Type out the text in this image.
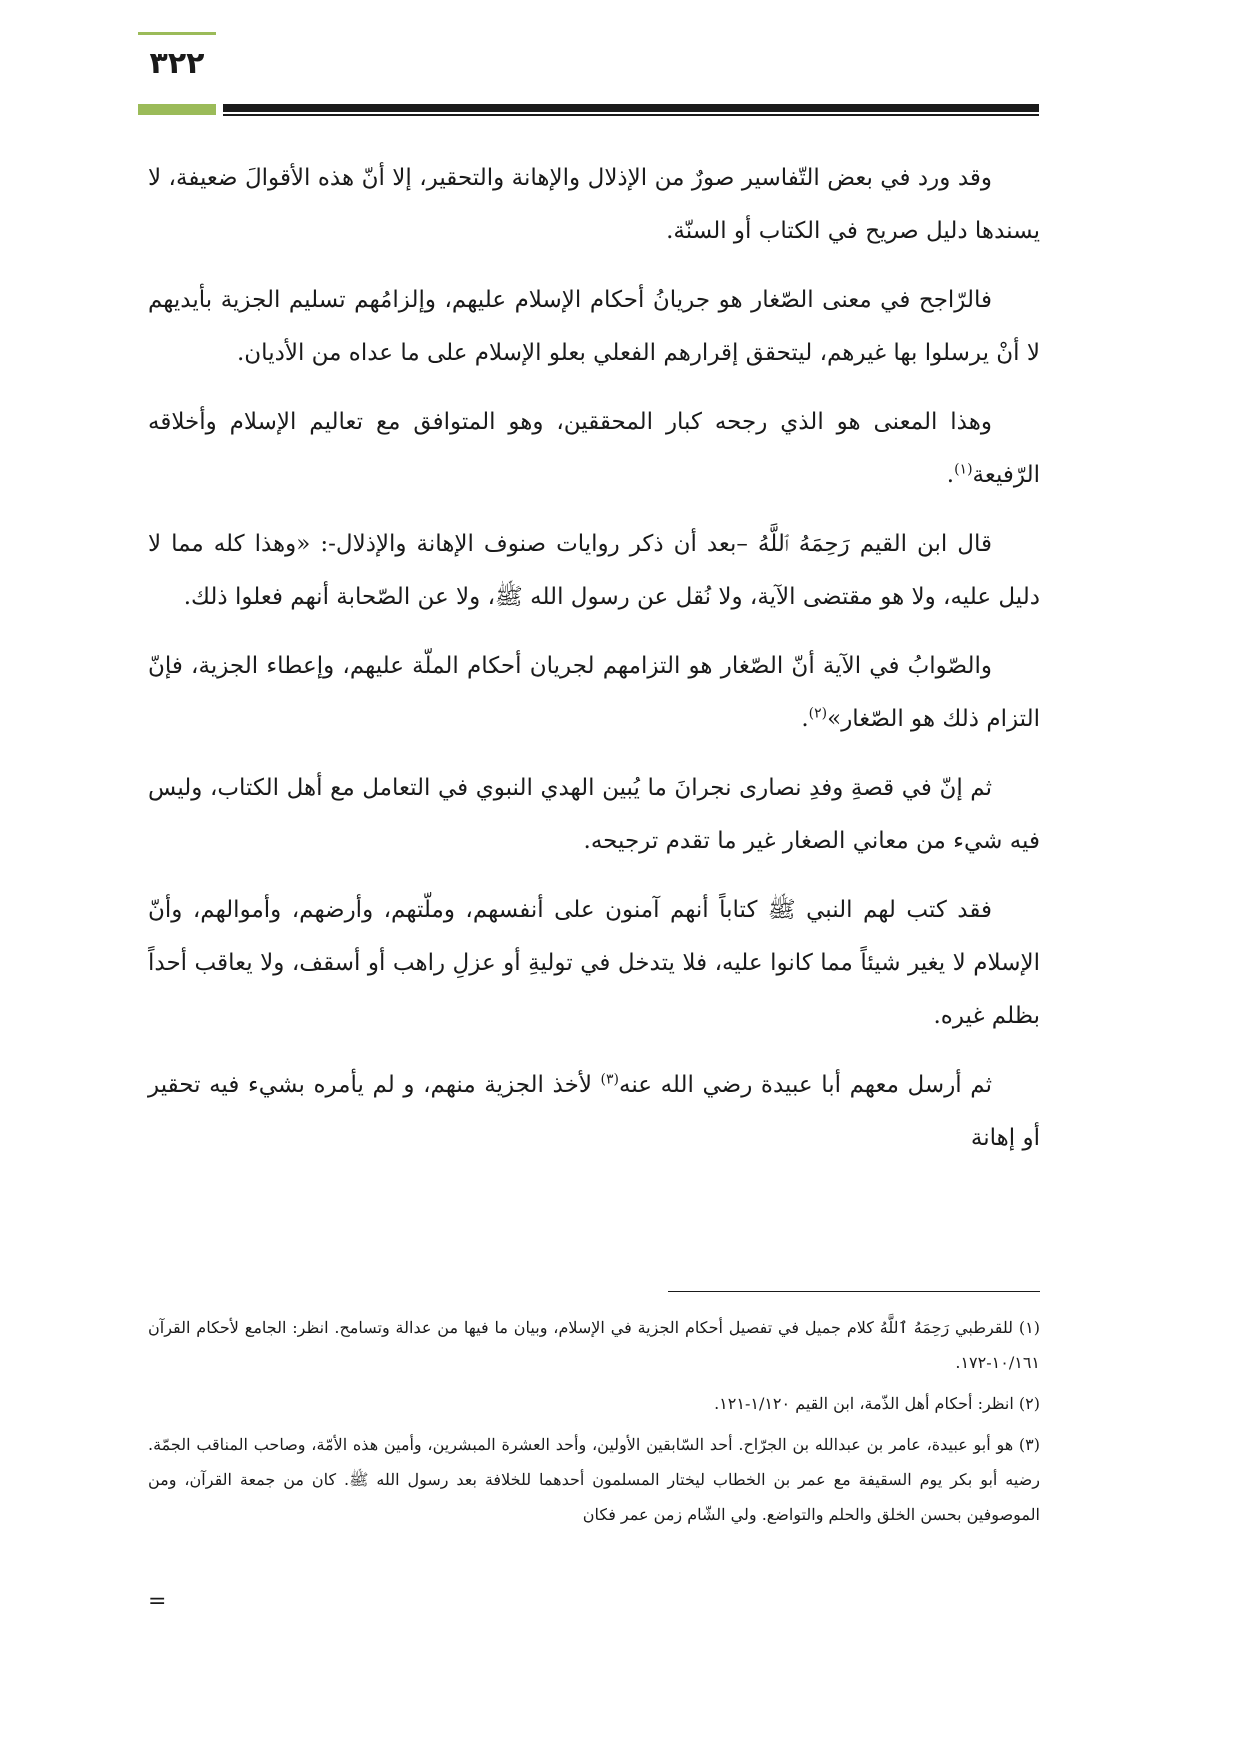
٣٢٢

وقد ورد في بعض التّفاسير صورٌ من الإذلال والإهانة والتحقير، إلا أنّ هذه الأقوالَ ضعيفة، لا يسندها دليل صريح في الكتاب أو السنّة.

فالرّاجح في معنى الصّغار هو جريانُ أحكام الإسلام عليهم، وإلزامُهم تسليم الجزية بأيديهم لا أنْ يرسلوا بها غيرهم، ليتحقق إقرارهم الفعلي بعلو الإسلام على ما عداه من الأديان.

وهذا المعنى هو الذي رجحه كبار المحققين، وهو المتوافق مع تعاليم الإسلام وأخلاقه الرّفيعة$^{(١)}$.

قال ابن القيم رَحِمَهُ ٱللَّهُ –بعد أن ذكر روايات صنوف الإهانة والإذلال-: «وهذا كله مما لا دليل عليه، ولا هو مقتضى الآية، ولا نُقل عن رسول الله ﷺ، ولا عن الصّحابة أنهم فعلوا ذلك.

والصّوابُ في الآية أنّ الصّغار هو التزامهم لجريان أحكام الملّة عليهم، وإعطاء الجزية، فإنّ التزام ذلك هو الصّغار»$^{(٢)}$.

ثم إنّ في قصةِ وفدِ نصارى نجرانَ ما يُبين الهدي النبوي في التعامل مع أهل الكتاب، وليس فيه شيء من معاني الصغار غير ما تقدم ترجيحه.

فقد كتب لهم النبي ﷺ كتاباً أنهم آمنون على أنفسهم، وملّتهم، وأرضهم، وأموالهم، وأنّ الإسلام لا يغير شيئاً مما كانوا عليه، فلا يتدخل في توليةِ أو عزلِ راهب أو أسقف، ولا يعاقب أحداً بظلم غيره.

ثم أرسل معهم أبا عبيدة رضي الله عنه$^{(٣)}$ لأخذ الجزية منهم، و لم يأمره بشيء فيه تحقير أو إهانة

(١) للقرطبي رَحِمَهُ ٱللَّهُ كلام جميل في تفصيل أحكام الجزية في الإسلام، وبيان ما فيها من عدالة وتسامح. انظر: الجامع لأحكام القرآن ١٠/١٦١-١٧٢.

(٢) انظر: أحكام أهل الذّمة، ابن القيم ١/١٢٠-١٢١.

(٣) هو أبو عبيدة، عامر بن عبدالله بن الجرّاح. أحد السّابقين الأولين، وأحد العشرة المبشرين، وأمين هذه الأمّة، وصاحب المناقب الجمّة. رضيه أبو بكر يوم السقيفة مع عمر بن الخطاب ليختار المسلمون أحدهما للخلافة بعد رسول الله ﷺ. كان من جمعة القرآن، ومن الموصوفين بحسن الخلق والحلم والتواضع. ولي الشّام زمن عمر فكان

=
